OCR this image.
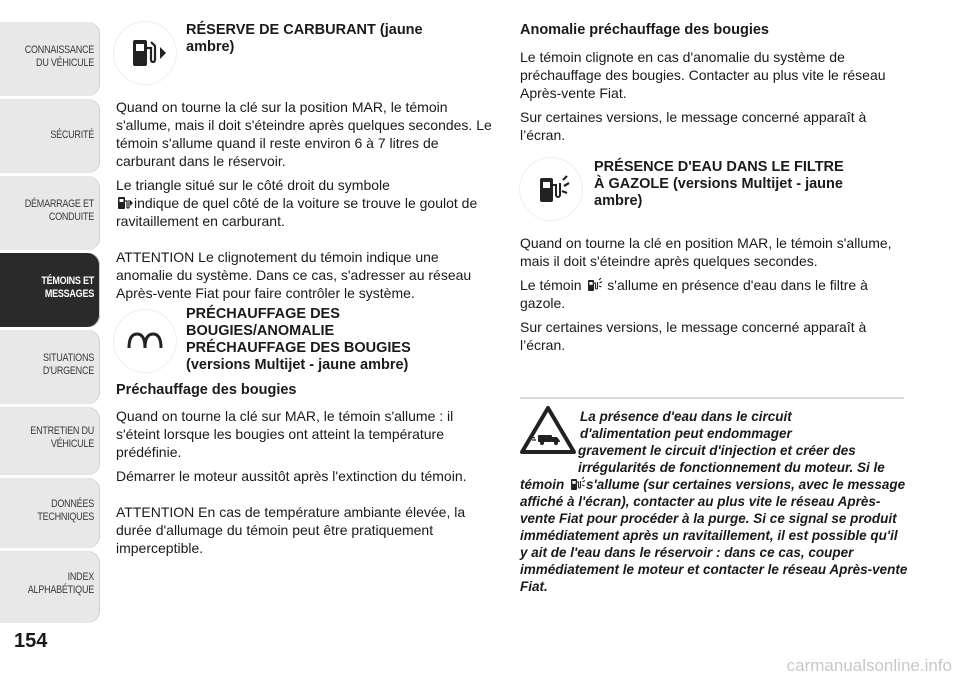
CONNAISSANCE
DU VÉHICULE
SÉCURITÉ
DÉMARRAGE ET
CONDUITE
TÉMOINS ET
MESSAGES
SITUATIONS
D'URGENCE
ENTRETIEN DU
VÉHICULE
DONNÉES
TECHNIQUES
INDEX
ALPHABÉTIQUE
154

RÉSERVE DE CARBURANT (jaune
ambre)

Quand on tourne la clé sur la position MAR, le témoin s'allume, mais il doit s'éteindre après quelques secondes. Le témoin s'allume quand il reste environ 6 à 7 litres de carburant dans le réservoir.

Le triangle situé sur le côté droit du symbole
indique de quel côté de la voiture se trouve le goulot de ravitaillement en carburant.

ATTENTION Le clignotement du témoin indique une anomalie du système. Dans ce cas, s'adresser au réseau Après-vente Fiat pour faire contrôler le système.

PRÉCHAUFFAGE DES
BOUGIES/ANOMALIE
PRÉCHAUFFAGE DES BOUGIES
(versions Multijet - jaune ambre)

Préchauffage des bougies

Quand on tourne la clé sur MAR, le témoin s'allume : il s'éteint lorsque les bougies ont atteint la température prédéfinie.

Démarrer le moteur aussitôt après l'extinction du témoin.

ATTENTION En cas de température ambiante élevée, la durée d'allumage du témoin peut être pratiquement imperceptible.

Anomalie préchauffage des bougies

Le témoin clignote en cas d'anomalie du système de préchauffage des bougies. Contacter au plus vite le réseau Après-vente Fiat.

Sur certaines versions, le message concerné apparaît à l’écran.

PRÉSENCE D'EAU DANS LE FILTRE
À GAZOLE (versions Multijet - jaune
ambre)

Quand on tourne la clé en position MAR, le témoin s'allume, mais il doit s'éteindre après quelques secondes.

Le témoin s'allume en présence d'eau dans le filtre à gazole.

Sur certaines versions, le message concerné apparaît à l’écran.

La présence d'eau dans le circuit
d'alimentation peut endommager
gravement le circuit d'injection et créer des irrégularités de fonctionnement du moteur. Si le
témoin s'allume (sur certaines versions, avec le message affiché à l'écran), contacter au plus vite le réseau Après-vente Fiat pour procéder à la purge. Si ce signal se produit immédiatement après un ravitaillement, il est possible qu'il y ait de l'eau dans le réservoir : dans ce cas, couper immédiatement le moteur et contacter le réseau Après-vente Fiat.
carmanualsonline.info
